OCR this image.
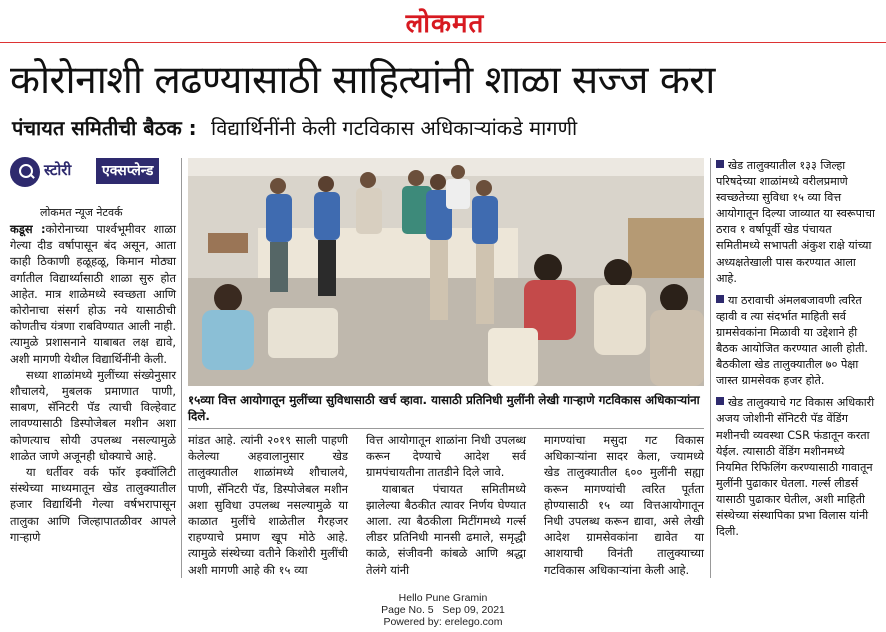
लोकमत
कोरोनाशी लढण्यासाठी साहित्यांनी शाळा सज्ज करा
पंचायत समितीची बैठक : विद्यार्थिनींनी केली गटविकास अधिकाऱ्यांकडे मागणी
स्टोरी	एक्सप्लेन्ड
लोकमत न्यूज नेटवर्क

कडूस :कोरोनाच्या पार्श्वभूमीवर शाळा गेल्या दीड वर्षापासून बंद असून, आता काही ठिकाणी हळूहळू, किमान मोठ्या वर्गातील विद्यार्थ्यासाठी शाळा सुरु होत आहेत. मात्र शाळेमध्ये स्वच्छता आणि कोरोनाचा संसर्ग होऊ नये यासाठीची कोणतीच यंत्रणा राबविण्यात आली नाही. त्यामुळे प्रशासनाने याबाबत लक्ष द्यावे, अशी मागणी येथील विद्यार्थिनींनी केली.

सध्या शाळांमध्ये मुलींच्या संख्येनुसार शौचालये, मुबलक प्रमाणात पाणी, साबण, सॅनिटरी पॅड त्याची विल्हेवाट लावण्यासाठी डिस्पोजेबल मशीन अशा कोणत्याच सोयी उपलब्ध नसल्यामुळे शाळेत जाणे अजूनही धोक्याचे आहे.

या धर्तीवर वर्क फॉर इक्वॉलिटी संस्थेच्या माध्यमातून खेड तालुक्यातील हजार विद्यार्थिनी गेल्या वर्षभरापासून तालुका आणि जिल्हापातळीवर आपले गाऱ्हाणे

१५व्या वित्त आयोगातून मुलींच्या सुविधासाठी खर्च व्हावा. यासाठी प्रतिनिधी मुलींनी लेखी गाऱ्हाणे गटविकास अधिकाऱ्यांना दिले.

मांडत आहे. त्यांनी २०१९ साली पाहणी केलेल्या अहवालानुसार खेड तालुक्यातील शाळांमध्ये शौचालये, पाणी, सॅनिटरी पॅड, डिस्पोजेबल मशीन अशा सुविधा उपलब्ध नसल्यामुळे या काळात मुलींचे शाळेतील गैरहजर राहण्याचे प्रमाण खूप मोठे आहे. त्यामुळे संस्थेच्या वतीने किशोरी मुलींची अशी मागणी आहे की १५ व्या

वित्त आयोगातून शाळांना निधी उपलब्ध करून देण्याचे आदेश सर्व ग्रामपंचायतीना तातडीने दिले जावे.

याबाबत पंचायत समितीमध्ये झालेल्या बैठकीत त्यावर निर्णय घेण्यात आला. त्या बैठकीला मिटींगमध्ये गर्ल्स लीडर प्रतिनिधी मानसी ढमाले, समृद्धी काळे, संजीवनी कांबळे आणि श्रद्धा तेलंगे यांनी

मागण्यांचा मसुदा गट विकास अधिकाऱ्यांना सादर केला, ज्यामध्ये खेड तालुक्यातील ६०० मुलींनी सह्या करून मागण्यांची त्वरित पूर्तता होण्यासाठी १५ व्या वित्तआयोगातून निधी उपलब्ध करून द्यावा, असे लेखी आदेश ग्रामसेवकांना द्यावेत या आशयाची विनंती तालुक्याच्या गटविकास अधिकाऱ्यांना केली आहे.

खेड तालुक्यातील १३३ जिल्हा परिषदेच्या शाळांमध्ये वरीलप्रमाणे स्वच्छतेच्या सुविधा १५ व्या वित्त आयोगातून दिल्या जाव्यात या स्वरूपाचा ठराव १ वर्षापूर्वी खेड पंचायत समितीमध्ये सभापती अंकुश राक्षे यांच्या अध्यक्षतेखाली पास करण्यात आला आहे.

या ठरावाची अंमलबजावणी त्वरित व्हावी व त्या संदर्भात माहिती सर्व ग्रामसेवकांना मिळावी या उद्देशाने ही बैठक आयोजित करण्यात आली होती. बैठकीला खेड तालुक्यातील ७० पेक्षा जास्त ग्रामसेवक हजर होते.

खेड तालुक्याचे गट विकास अधिकारी अजय जोशीनी सॅनिटरी पॅड वेंडिंग मशीनची व्यवस्था CSR फंडातून करता येईल. त्यासाठी वेंडिंग मशीनमध्ये नियमित रिफिलिंग करण्यासाठी गावातून मुलींनी पुढाकार घेतला. गर्ल्स लीडर्स यासाठी पुढाकार घेतील, अशी माहिती संस्थेच्या संस्थापिका प्रभा विलास यांनी दिली.

Hello Pune Gramin
Page No. 5   Sep 09, 2021
Powered by: erelego.com
